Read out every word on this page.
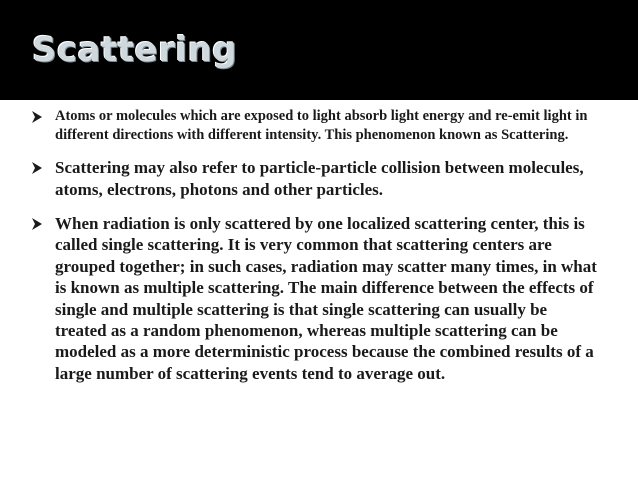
Scattering
Atoms or molecules which are exposed to light absorb light energy and re-emit light in different directions with different intensity. This phenomenon known as Scattering.
Scattering may also refer to particle-particle collision between molecules, atoms, electrons, photons and other particles.
When radiation is only scattered by one localized scattering center, this is called single scattering. It is very common that scattering centers are grouped together; in such cases, radiation may scatter many times, in what is known as multiple scattering. The main difference between the effects of single and multiple scattering is that single scattering can usually be treated as a random phenomenon, whereas multiple scattering can be modeled as a more deterministic process because the combined results of a large number of scattering events tend to average out.
